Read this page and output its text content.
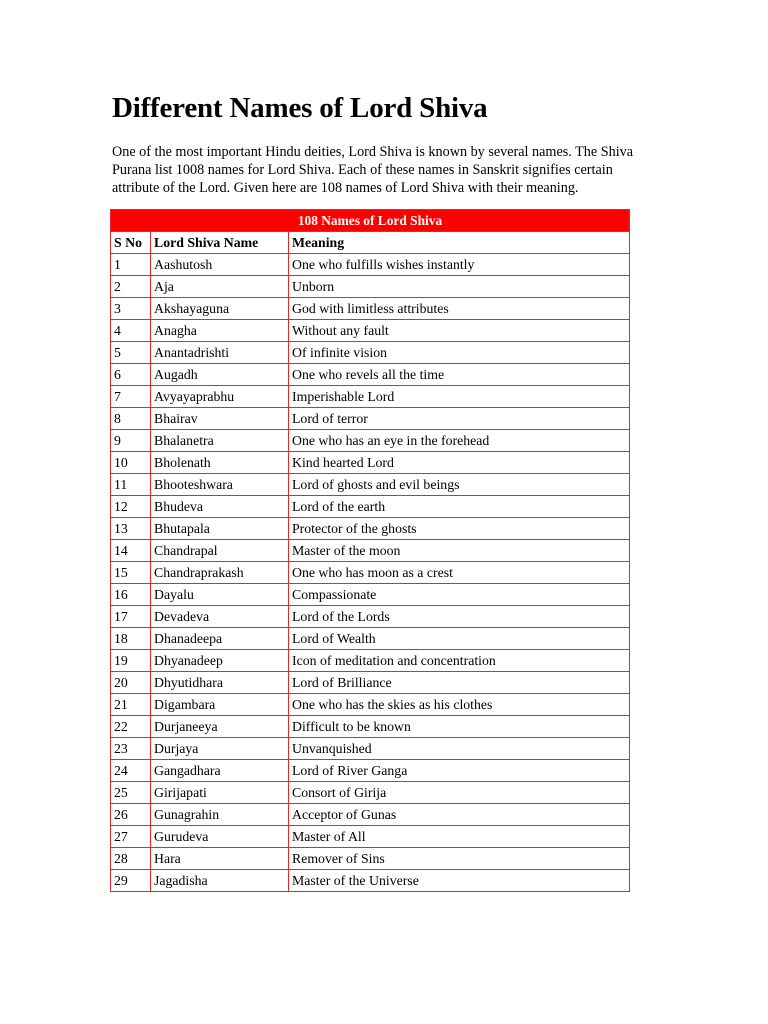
Different Names of Lord Shiva

One of the most important Hindu deities, Lord Shiva is known by several names. The Shiva Purana list 1008 names for Lord Shiva. Each of these names in Sanskrit signifies certain attribute of the Lord. Given here are 108 names of Lord Shiva with their meaning.

108 Names of Lord Shiva		
S No	Lord Shiva Name	Meaning
1	Aashutosh	One who fulfills wishes instantly
2	Aja	Unborn
3	Akshayaguna	God with limitless attributes
4	Anagha	Without any fault
5	Anantadrishti	Of infinite vision
6	Augadh	One who revels all the time
7	Avyayaprabhu	Imperishable Lord
8	Bhairav	Lord of terror
9	Bhalanetra	One who has an eye in the forehead
10	Bholenath	Kind hearted Lord
11	Bhooteshwara	Lord of ghosts and evil beings
12	Bhudeva	Lord of the earth
13	Bhutapala	Protector of the ghosts
14	Chandrapal	Master of the moon
15	Chandraprakash	One who has moon as a crest
16	Dayalu	Compassionate
17	Devadeva	Lord of the Lords
18	Dhanadeepa	Lord of Wealth
19	Dhyanadeep	Icon of meditation and concentration
20	Dhyutidhara	Lord of Brilliance
21	Digambara	One who has the skies as his clothes
22	Durjaneeya	Difficult to be known
23	Durjaya	Unvanquished
24	Gangadhara	Lord of River Ganga
25	Girijapati	Consort of Girija
26	Gunagrahin	Acceptor of Gunas
27	Gurudeva	Master of All
28	Hara	Remover of Sins
29	Jagadisha	Master of the Universe
